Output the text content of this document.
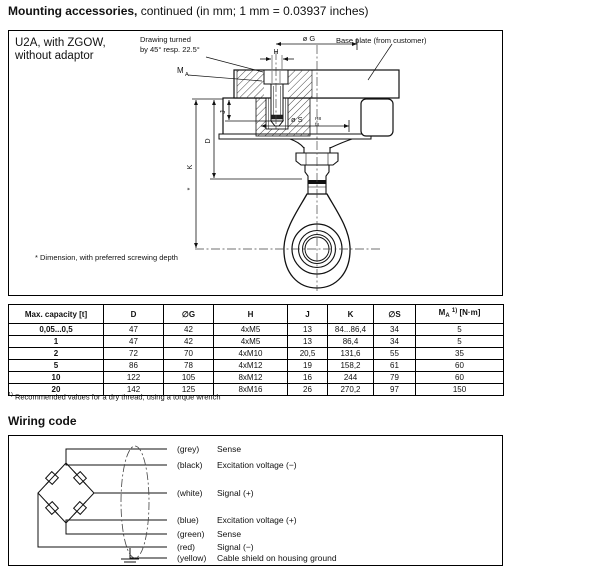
Mounting accessories, continued (in mm; 1 mm = 0.03937 inches)
U2A, with ZGOW,
without adaptor
Drawing turned
by 45° resp. 22.5°
Base plate (from customer)
ø G
H
M A
J
D
K
*
ø S	H8
f8
* Dimension, with preferred screwing depth
Max. capacity [t]	D	∅G	H	J	K	∅S	$M_A$ $^{1)}$ [N·m]
0,05...0,5	47	42	4xM5	13	84...86,4	34	5
1	47	42	4xM5	13	86,4	34	5
2	72	70	4xM10	20,5	131,6	55	35
5	86	78	4xM12	19	158,2	61	60
10	122	105	8xM12	16	244	79	60
20	142	125	8xM16	26	270,2	97	150
$^{1)}$ Recommended values for a dry thread, using a torque wrench
Wiring code
(grey) Sense
(black) Excitation voltage (−)
(white) Signal (+)
(blue) Excitation voltage (+)
(green) Sense
(red)	Signal (−)
(yellow) Cable shield on housing ground
